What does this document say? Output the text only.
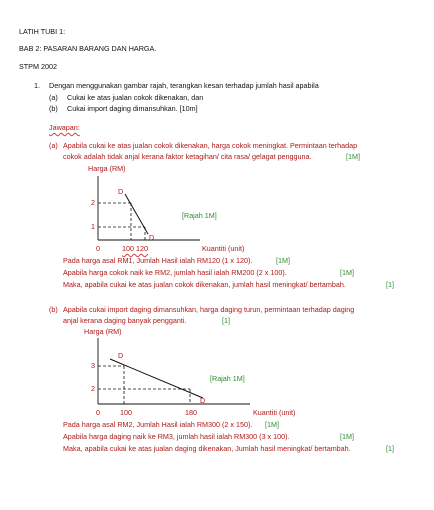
LATIH TUBI 1:
BAB 2: PASARAN BARANG DAN HARGA.
STPM 2002
1. Dengan menggunakan gambar rajah, terangkan kesan terhadap jumlah hasil apabila
(a) Cukai ke atas jualan cokok dikenakan, dan
(b) Cukai import daging dimansuhkan. [10m]
Jawapan:
(a) Apabila cukai ke atas jualan cokok dikenakan, harga cokok meningkat. Permintaan terhadap
cokok adalah tidak anjal kerana faktor ketagihan/ cita rasa/ gelagat pengguna.	[1M]
Harga (RM)
2
1
D
D
0	100 120	Kuantiti (unit)
[Rajah 1M]
Pada harga asal RM1, Jumlah Hasil ialah RM120 (1 x 120).	[1M]
Apabila harga cokok naik ke RM2, jumlah hasil ialah RM200 (2 x 100).	[1M]
Maka, apabila cukai ke atas jualan cokok dikenakan, jumlah hasil meningkat/ bertambah.	[1]
(b) Apabila cukai import daging dimansuhkan, harga daging turun, permintaan terhadap daging
anjal kerana daging banyak pengganti.	[1]
Harga (RM)
3
2
D
D
0	100	180	Kuantiti (unit)
[Rajah 1M]
Pada harga asal RM2, Jumlah Hasil ialah RM300 (2 x 150). [1M]
Apabila harga daging naik ke RM3, jumlah hasil ialah RM300 (3 x 100).	[1M]
Maka, apabila cukai ke atas jualan daging dikenakan, Jumlah hasil meningkat/ bertambah.	[1]
